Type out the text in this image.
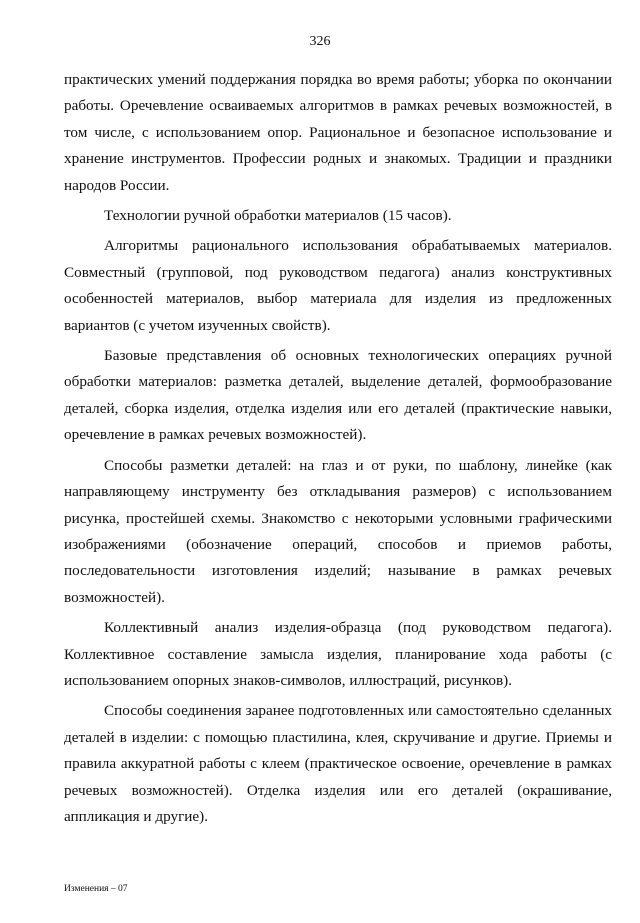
326

практических умений поддержания порядка во время работы; уборка по окончании работы. Оречевление осваиваемых алгоритмов в рамках речевых возможностей, в том числе, с использованием опор. Рациональное и безопасное использование и хранение инструментов. Профессии родных и знакомых. Традиции и праздники народов России.

Технологии ручной обработки материалов (15 часов).

Алгоритмы рационального использования обрабатываемых материалов. Совместный (групповой, под руководством педагога) анализ конструктивных особенностей материалов, выбор материала для изделия из предложенных вариантов (с учетом изученных свойств).

Базовые представления об основных технологических операциях ручной обработки материалов: разметка деталей, выделение деталей, формообразование деталей, сборка изделия, отделка изделия или его деталей (практические навыки, оречевление в рамках речевых возможностей).

Способы разметки деталей: на глаз и от руки, по шаблону, линейке (как направляющему инструменту без откладывания размеров) с использованием рисунка, простейшей схемы. Знакомство с некоторыми условными графическими изображениями (обозначение операций, способов и приемов работы, последовательности изготовления изделий; называние в рамках речевых возможностей).

Коллективный анализ изделия-образца (под руководством педагога). Коллективное составление замысла изделия, планирование хода работы (с использованием опорных знаков-символов, иллюстраций, рисунков).

Способы соединения заранее подготовленных или самостоятельно сделанных деталей в изделии: с помощью пластилина, клея, скручивание и другие. Приемы и правила аккуратной работы с клеем (практическое освоение, оречевление в рамках речевых возможностей). Отделка изделия или его деталей (окрашивание, аппликация и другие).

Изменения – 07
